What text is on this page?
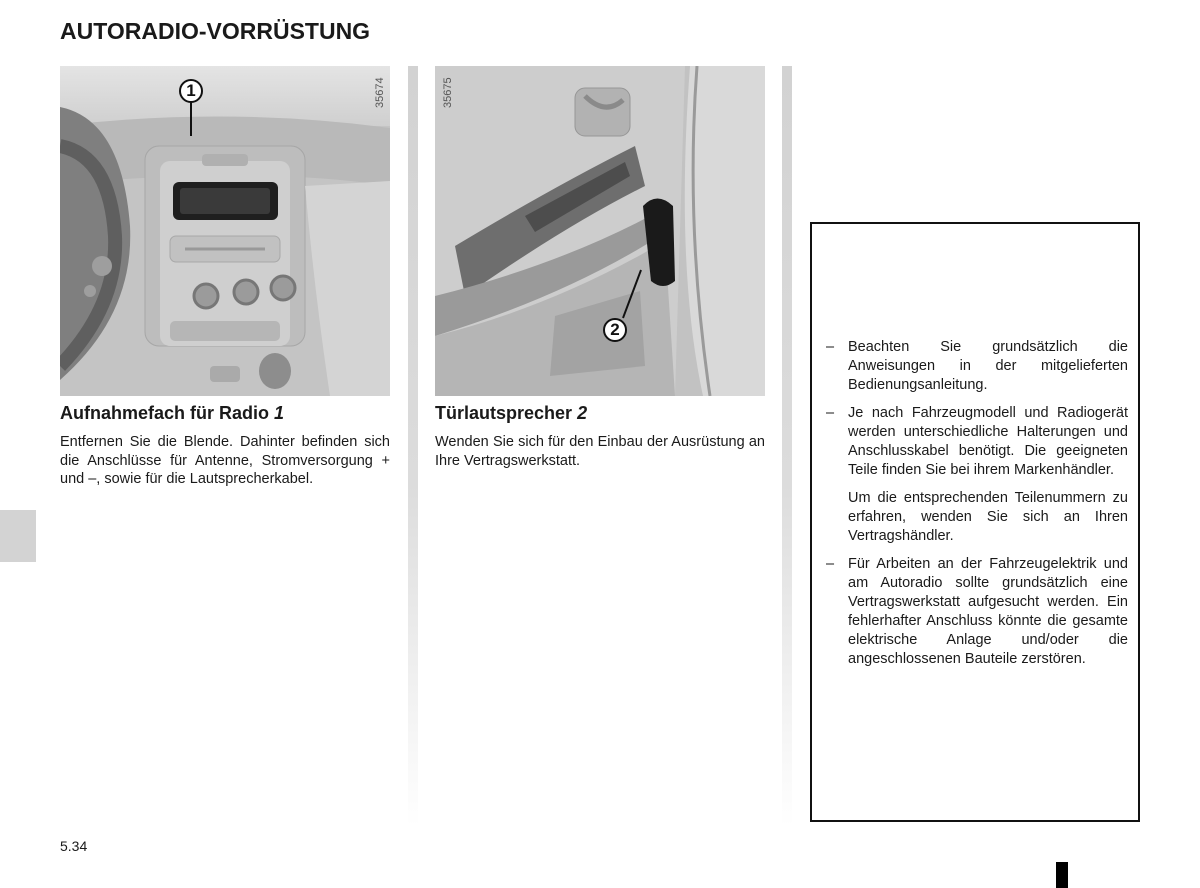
AUTORADIO-VORRÜSTUNG
35674
1	35675
2
Aufnahmefach für Radio 1
Entfernen Sie die Blende. Dahinter befinden sich die Anschlüsse für Antenne, Stromversorgung + und –, sowie für die Lautsprecherkabel.
Türlautsprecher 2
Wenden Sie sich für den Einbau der Ausrüstung an Ihre Vertragswerkstatt.
– Beachten Sie grundsätzlich die Anweisungen in der mitgelieferten Bedienungsanleitung.

– Je nach Fahrzeugmodell und Radiogerät werden unterschiedliche Halterungen und Anschlusskabel benötigt. Die geeigneten Teile finden Sie bei ihrem Markenhändler.

Um die entsprechenden Teilenummern zu erfahren, wenden Sie sich an Ihren Vertragshändler.

– Für Arbeiten an der Fahrzeugelektrik und am Autoradio sollte grundsätzlich eine Vertragswerkstatt aufgesucht werden. Ein fehlerhafter Anschluss könnte die gesamte elektrische Anlage und/oder die angeschlossenen Bauteile zerstören.

5.34
